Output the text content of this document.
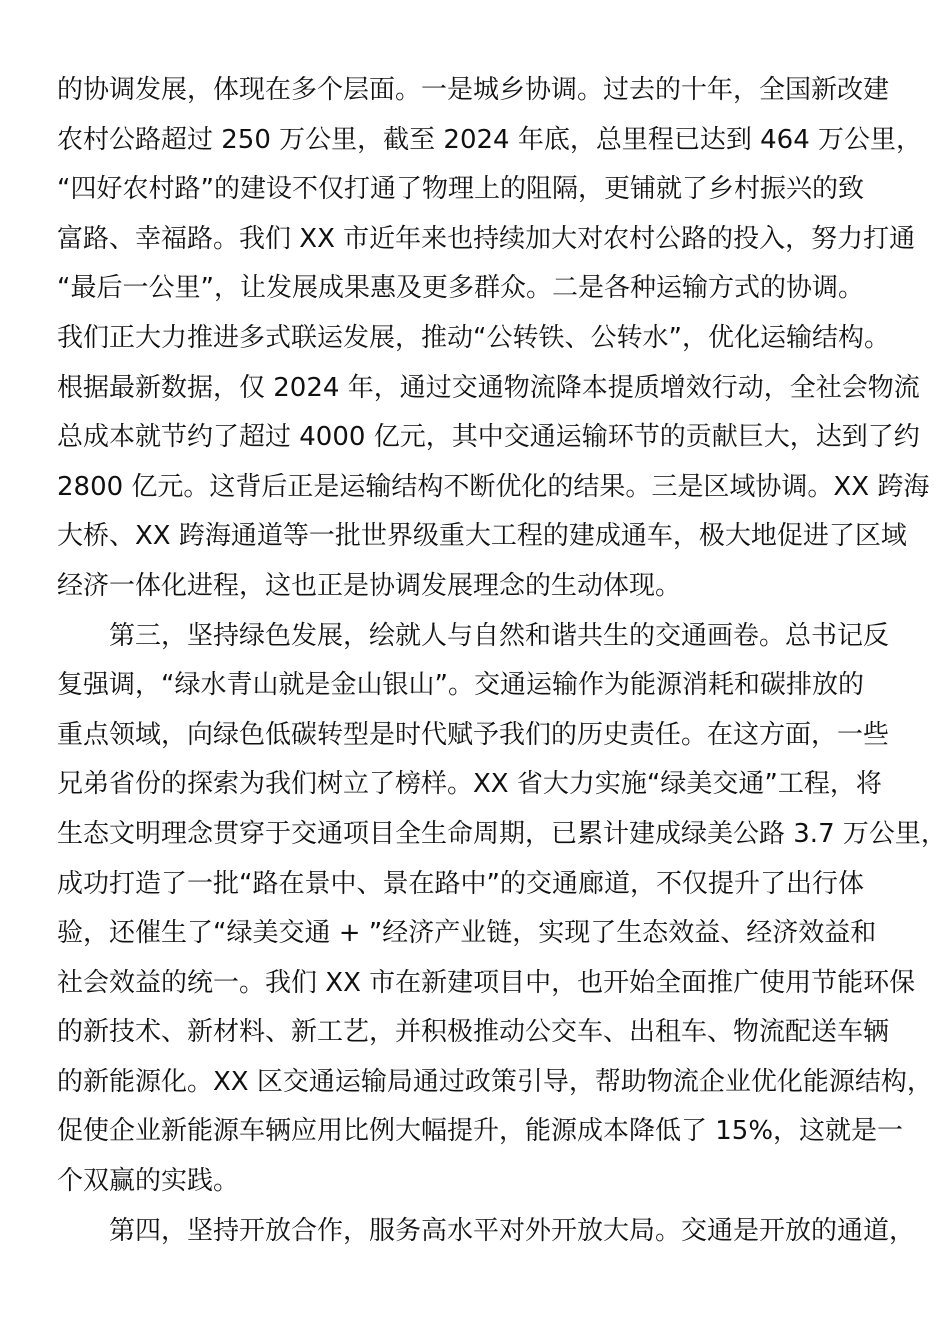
的协调发展，体现在多个层面。一是城乡协调。过去的十年，全国新改建
农村公路超过 250 万公里，截至 2024 年底，总里程已达到 464 万公里，
“四好农村路”的建设不仅打通了物理上的阻隔，更铺就了乡村振兴的致
富路、幸福路。我们 XX 市近年来也持续加大对农村公路的投入，努力打通
“最后一公里”，让发展成果惠及更多群众。二是各种运输方式的协调。
我们正大力推进多式联运发展，推动“公转铁、公转水”，优化运输结构。
根据最新数据，仅 2024 年，通过交通物流降本提质增效行动，全社会物流
总成本就节约了超过 4000 亿元，其中交通运输环节的贡献巨大，达到了约
2800 亿元。这背后正是运输结构不断优化的结果。三是区域协调。XX 跨海
大桥、XX 跨海通道等一批世界级重大工程的建成通车，极大地促进了区域
经济一体化进程，这也正是协调发展理念的生动体现。
第三，坚持绿色发展，绘就人与自然和谐共生的交通画卷。总书记反
复强调，“绿水青山就是金山银山”。交通运输作为能源消耗和碳排放的
重点领域，向绿色低碳转型是时代赋予我们的历史责任。在这方面，一些
兄弟省份的探索为我们树立了榜样。XX 省大力实施“绿美交通”工程，将
生态文明理念贯穿于交通项目全生命周期，已累计建成绿美公路 3.7 万公里，
成功打造了一批“路在景中、景在路中”的交通廊道，不仅提升了出行体
验，还催生了“绿美交通 + ”经济产业链，实现了生态效益、经济效益和
社会效益的统一。我们 XX 市在新建项目中，也开始全面推广使用节能环保
的新技术、新材料、新工艺，并积极推动公交车、出租车、物流配送车辆
的新能源化。XX 区交通运输局通过政策引导，帮助物流企业优化能源结构，
促使企业新能源车辆应用比例大幅提升，能源成本降低了 15%，这就是一
个双赢的实践。
第四，坚持开放合作，服务高水平对外开放大局。交通是开放的通道，
